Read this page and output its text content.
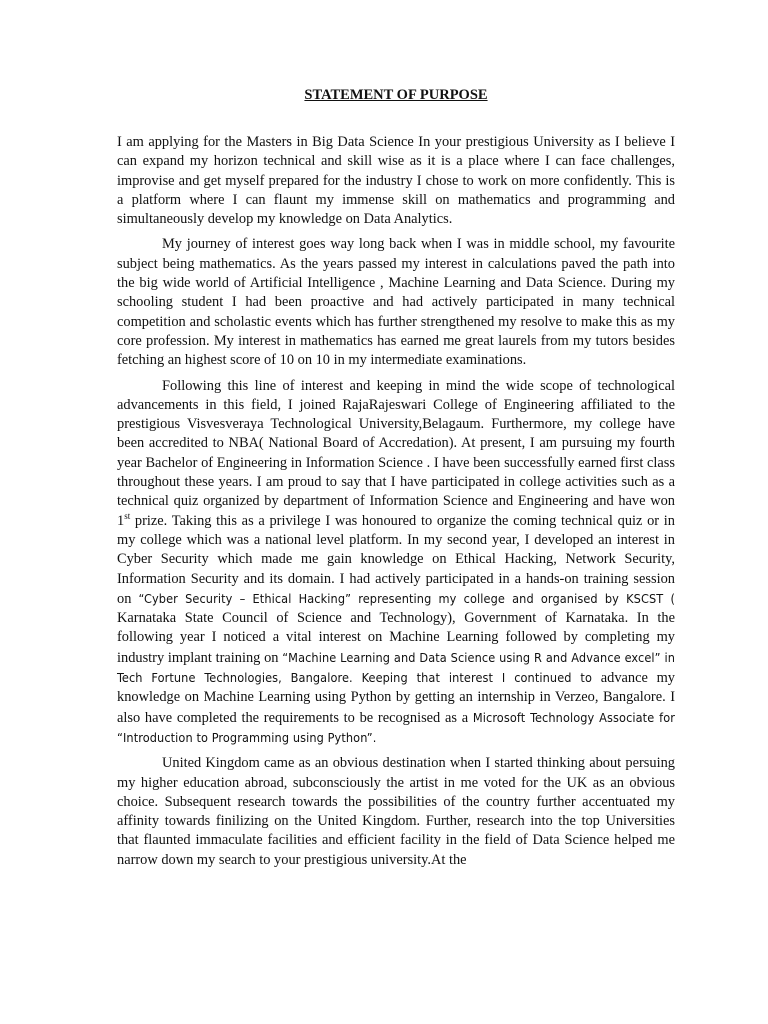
STATEMENT OF PURPOSE

I am applying for the Masters in Big Data Science In your prestigious University as I believe I can expand my horizon technical and skill wise as it is a place where I can face challenges, improvise and get myself prepared for the industry I chose to work on more confidently. This is a platform where I can flaunt my immense skill on mathematics and programming and simultaneously develop my knowledge on Data Analytics.

My journey of interest goes way long back when I was in middle school, my favourite subject being mathematics. As the years passed my interest in calculations paved the path into the big wide world of Artificial Intelligence , Machine Learning and Data Science. During my schooling student I had been proactive and had actively participated in many technical competition and scholastic events which has further strengthened my resolve to make this as my core profession. My interest in mathematics has earned me great laurels from my tutors besides fetching an highest score of 10 on 10 in my intermediate examinations.

Following this line of interest and keeping in mind the wide scope of technological advancements in this field, I joined RajaRajeswari College of Engineering affiliated to the prestigious Visvesveraya Technological University,Belagaum. Furthermore, my college have been accredited to NBA( National Board of Accredation). At present, I am pursuing my fourth year Bachelor of Engineering in Information Science . I have been successfully earned first class throughout these years. I am proud to say that I have participated in college activities such as a technical quiz organized by department of Information Science and Engineering and have won 1st prize. Taking this as a privilege I was honoured to organize the coming technical quiz or in my college which was a national level platform. In my second year, I developed an interest in Cyber Security which made me gain knowledge on Ethical Hacking, Network Security, Information Security and its domain. I had actively participated in a hands-on training session on “Cyber Security – Ethical Hacking” representing my college and organised by KSCST ( Karnataka State Council of Science and Technology), Government of Karnataka. In the following year I noticed a vital interest on Machine Learning followed by completing my industry implant training on “Machine Learning and Data Science using R and Advance excel” in Tech Fortune Technologies, Bangalore. Keeping that interest I continued to advance my knowledge on Machine Learning using Python by getting an internship in Verzeo, Bangalore. I also have completed the requirements to be recognised as a Microsoft Technology Associate for “Introduction to Programming using Python”.

United Kingdom came as an obvious destination when I started thinking about persuing my higher education abroad, subconsciously the artist in me voted for the UK as an obvious choice. Subsequent research towards the possibilities of the country further accentuated my affinity towards finilizing on the United Kingdom. Further, research into the top Universities that flaunted immaculate facilities and efficient facility in the field of Data Science helped me narrow down my search to your prestigious university.At the
